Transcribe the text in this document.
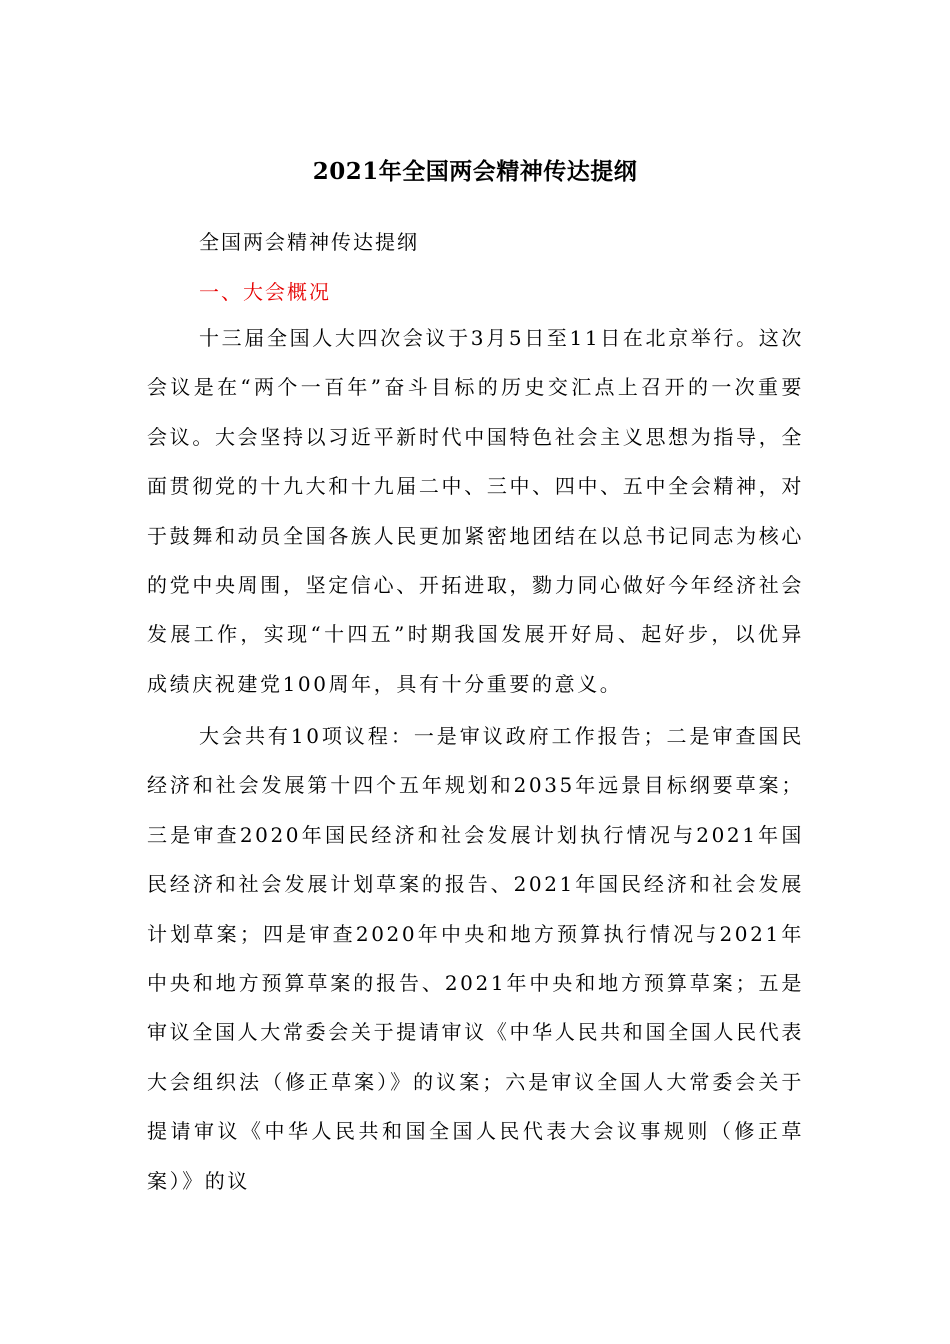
2021年全国两会精神传达提纲
全国两会精神传达提纲
一、大会概况

十三届全国人大四次会议于3月5日至11日在北京举行。这次会议是在“两个一百年”奋斗目标的历史交汇点上召开的一次重要会议。大会坚持以习近平新时代中国特色社会主义思想为指导，全面贯彻党的十九大和十九届二中、三中、四中、五中全会精神，对于鼓舞和动员全国各族人民更加紧密地团结在以总书记同志为核心的党中央周围，坚定信心、开拓进取，勠力同心做好今年经济社会发展工作，实现“十四五”时期我国发展开好局、起好步，以优异成绩庆祝建党100周年，具有十分重要的意义。

大会共有10项议程：一是审议政府工作报告；二是审查国民经济和社会发展第十四个五年规划和2035年远景目标纲要草案；三是审查2020年国民经济和社会发展计划执行情况与2021年国民经济和社会发展计划草案的报告、2021年国民经济和社会发展计划草案；四是审查2020年中央和地方预算执行情况与2021年中央和地方预算草案的报告、2021年中央和地方预算草案；五是审议全国人大常委会关于提请审议《中华人民共和国全国人民代表大会组织法（修正草案）》的议案；六是审议全国人大常委会关于提请审议《中华人民共和国全国人民代表大会议事规则（修正草案）》的议
